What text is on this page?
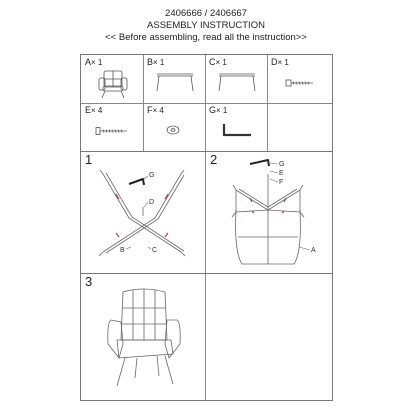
2406666 / 2406667
ASSEMBLY INSTRUCTION
<< Before assembling, read all the instruction>>
A× 1	B× 1	C× 1	D× 1
E× 4	F× 4	G× 1
1
G
D
B	C
2	G
E
F
A
3
